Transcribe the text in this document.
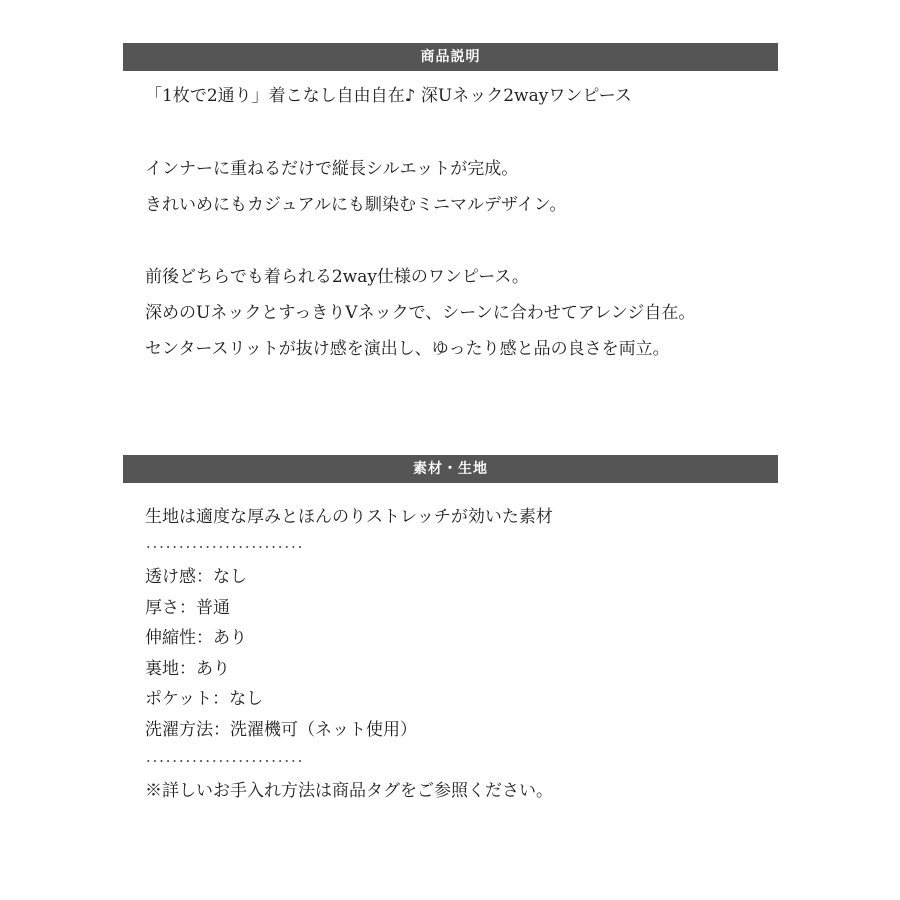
商品説明
「1枚で2通り」着こなし自由自在♪ 深Uネック2wayワンピース
インナーに重ねるだけで縦長シルエットが完成。
きれいめにもカジュアルにも馴染むミニマルデザイン。
前後どちらでも着られる2way仕様のワンピース。
深めのUネックとすっきりVネックで、シーンに合わせてアレンジ自在。
センタースリットが抜け感を演出し、ゆったり感と品の良さを両立。
素材・生地
生地は適度な厚みとほんのりストレッチが効いた素材
透け感：なし
厚さ：普通
伸縮性：あり
裏地：あり
ポケット：なし
洗濯方法：洗濯機可（ネット使用）
※詳しいお手入れ方法は商品タグをご参照ください。
